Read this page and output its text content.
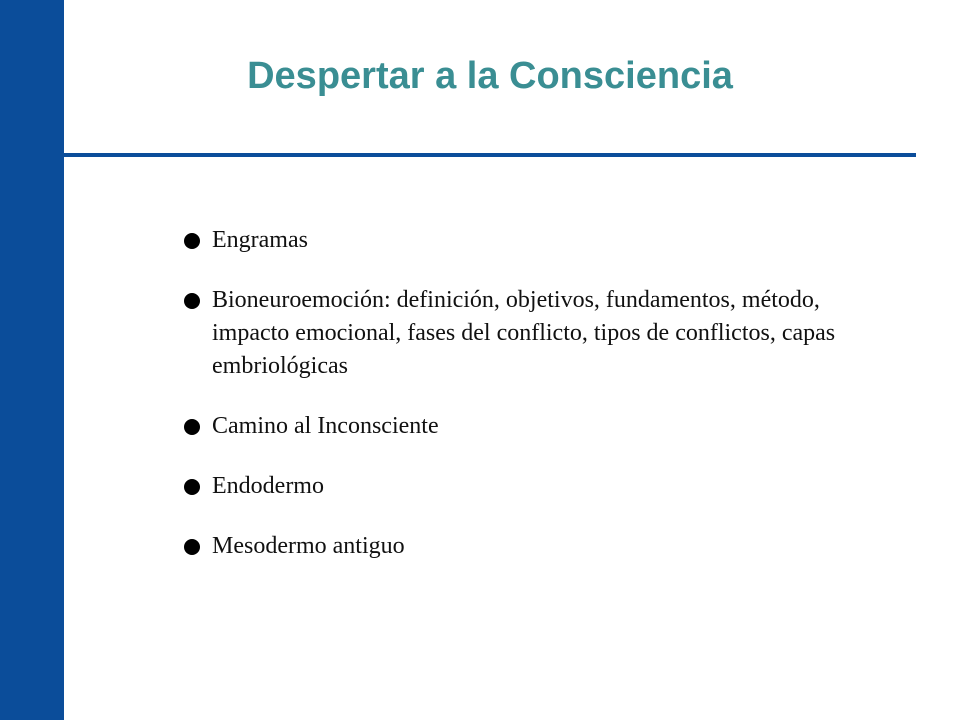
Despertar a la Consciencia
Engramas
Bioneuroemoción: definición, objetivos, fundamentos, método, impacto emocional, fases del conflicto, tipos de conflictos, capas embriológicas
Camino al Inconsciente
Endodermo
Mesodermo antiguo
